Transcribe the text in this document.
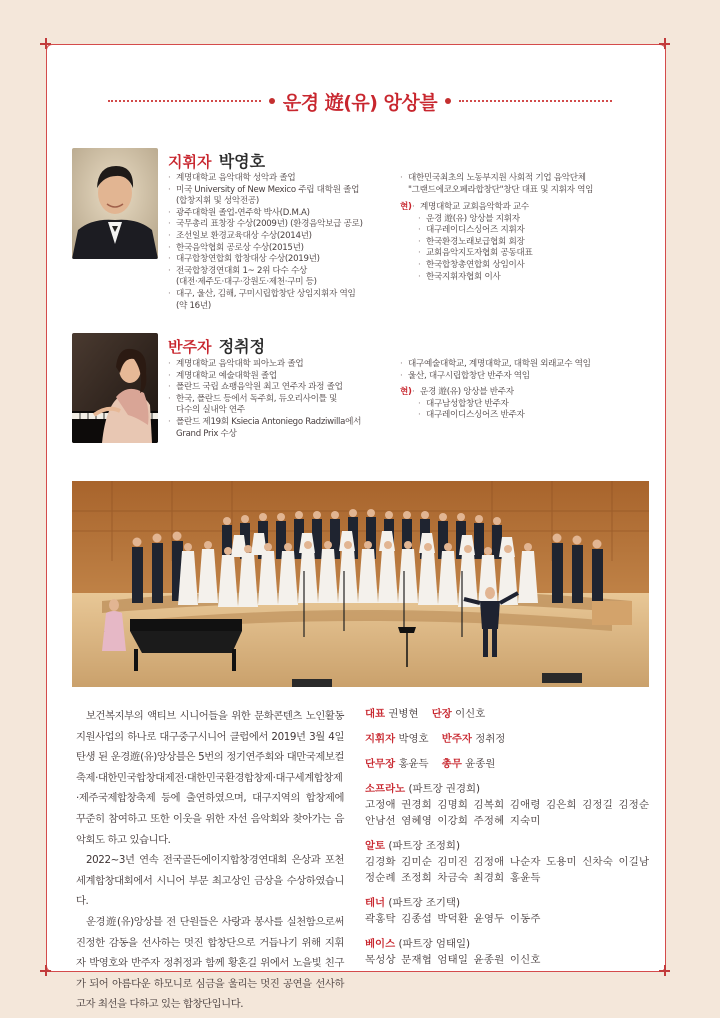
운경 遊(유) 앙상블
지휘자 박영호
· 계명대학교 음악대학 성악과 졸업
· 미국 University of New Mexico 주립 대학원 졸업
(합창지휘 및 성악전공)
· 광주대학원 졸업-연주학 박사(D.M.A)
· 국무총리 표창장 수상(2009년) (환경음악보급 공로)
· 조선일보 환경교육대상 수상(2014년)
· 한국음악협회 공로상 수상(2015년)
· 대구합창연합회 합창대상 수상(2019년)
· 전국합창경연대회 1~ 2위 다수 수상
(대전·제주도·대구·강원도·제천·구미 등)
· 대구, 울산, 김해, 구미시립합창단 상임지휘자 역임
(약 16년)
· 대한민국최초의 노동부지원 사회적 기업 음악단체
"그랜드에코오페라합창단"창단 대표 및 지휘자 역임
· 현) 계명대학교 교회음악학과 교수
· 운경 遊(유) 앙상블 지휘자
· 대구레이디스싱어즈 지휘자
· 한국환경노래보급협회 회장
· 교회음악지도자협회 공동대표
· 한국합창총연합회 상임이사
· 한국지휘자협회 이사
반주자 정취정
· 계명대학교 음악대학 피아노과 졸업
· 계명대학교 예술대학원 졸업
· 폴란드 국립 쇼팽음악원 최고 연주자 과정 졸업
· 한국, 폴란드 등에서 독주회, 듀오리사이틀 및
다수의 실내악 연주
· 폴란드 제19회 Ksiecia Antoniego Radziwilla에서
Grand Prix 수상
· 대구예술대학교, 계명대학교, 대학원 외래교수 역임
· 울산, 대구시립합창단 반주자 역임
· 현) 운경 遊(유) 앙상블 반주자
· 대구남성합창단 반주자
· 대구레이디스싱어즈 반주자

보건복지부의 액티브 시니어들을 위한 문화콘텐츠 노인활동지원사업의 하나로 대구중구시니어 클럽에서 2019년 3월 4일 탄생 된 운경遊(유)앙상블은 5번의 정기연주회와 대만국제보컬축제·대한민국합창대제전·대한민국환경합창제·대구세계합창제·제주국제합창축제 등에 출연하였으며, 대구지역의 합창제에 꾸준히 참여하고 또한 이웃을 위한 자선 음악회와 찾아가는 음악회도 하고 있습니다.

2022~3년 연속 전국골든에이지합창경연대회 은상과 포천세계합창대회에서 시니어 부문 최고상인 금상을 수상하였습니다.

운경遊(유)앙상블 전 단원들은 사랑과 봉사를 실천함으로써 진정한 감동을 선사하는 멋진 합창단으로 거듭나기 위해 지휘자 박영호와 반주자 정취정과 함께 황혼길 위에서 노을빛 친구가 되어 아름다운 하모니로 심금을 울리는 멋진 공연을 선사하고자 최선을 다하고 있는 합창단입니다.

대표 권병현 단장 이신호
지휘자 박영호 반주자 정취정
단무장 홍윤득 총무 윤종원
소프라노 (파트장 권경희)
고정애 권경희 김명희 김복희 김애령 김은희 김정길 김정순 안남선 염혜영 이강희 주정혜 지숙미
알토 (파트장 조정희)
김경화 김미순 김미진 김정애 나순자 도용미 신차숙 이길남 정순례 조정희 차금숙 최경희 홍윤득
테너 (파트장 조기택)
곽홍탁 김종섭 박덕환 윤영두 이동주
베이스 (파트장 엄태일)
목성상 문재협 엄태일 윤종원 이신호
